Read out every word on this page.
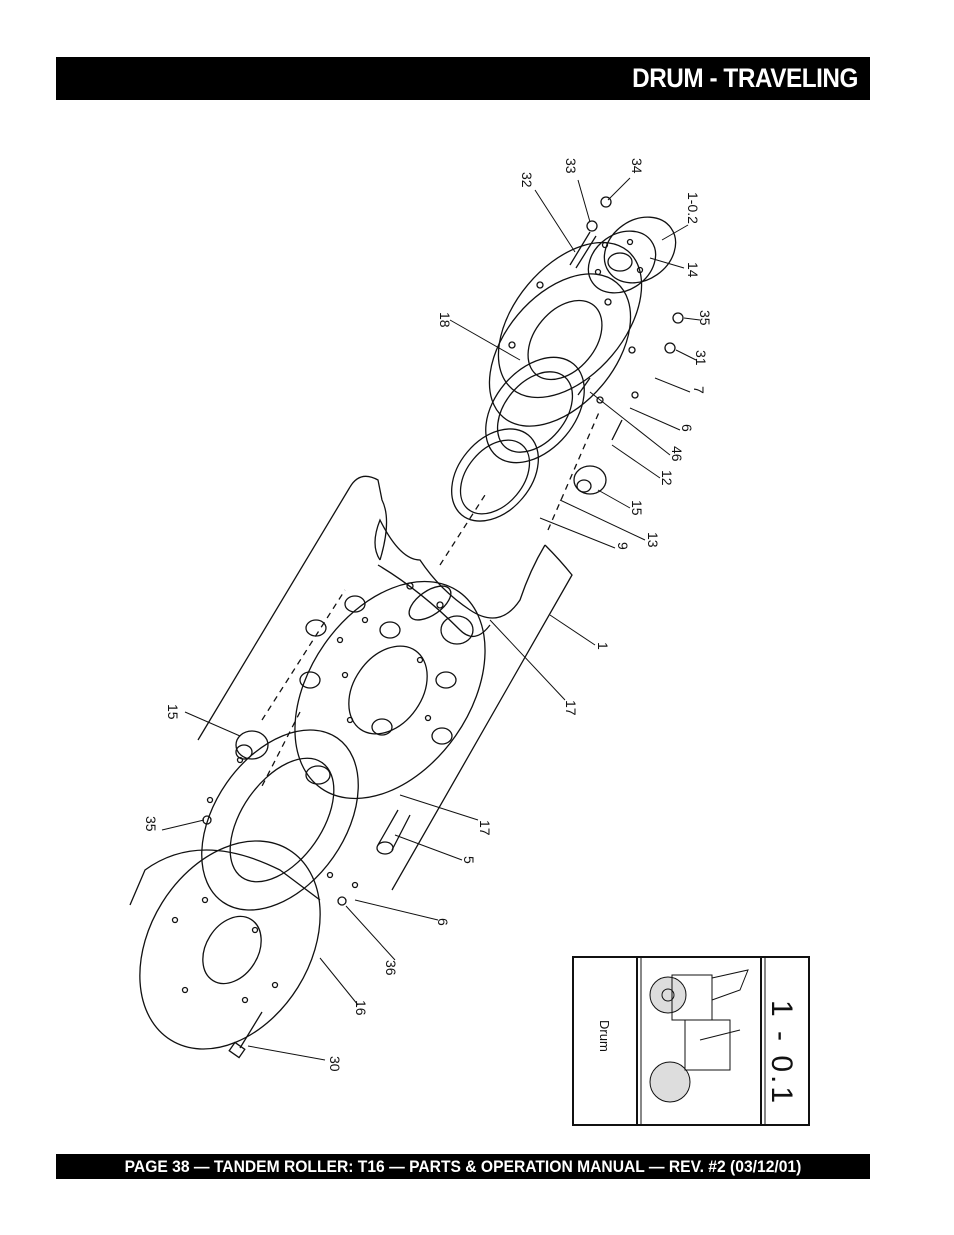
DRUM - TRAVELING
34
33
32
1-0.2
14
35
31
7
18
6
46
12
15
13
9
1
17
15
17
5
35
6
36
16
30
Drum	1 - 0.1
PAGE 38 — TANDEM ROLLER: T16 — PARTS & OPERATION MANUAL — REV. #2 (03/12/01)
